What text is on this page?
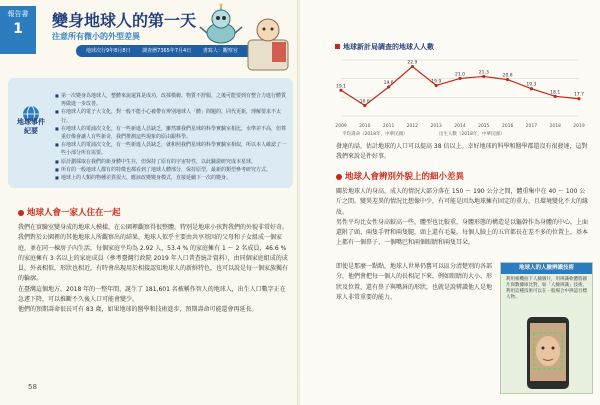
報告書
1	變身地球人的第一天
注意所有微小的外型差異
地球次行9年8月8日 調查曆7365年7月4日 書寫人：觀察官
地球事件紀要
■ 第一次變身為地球人，整體來說還算是成功，改採模範、物質不舒服，之後可能要到有整合力進行體質再做進一步改善。
■ 在地球人的電子大文化，對一般不能小心被帶有辨別地球人「體」問題的。同代更新，理解要求不太行。
■ 在地球人的電浦次文化，有一些新進人員缺乏，雖然雜我們星球的科學實驗室相比，水準差不高，但尊重好像會讓人有些新奇，我們推測這些現象的原由跟科學。
■ 在地球人的電浦次文化，有一些新進人員缺乏，就和照我們星球的科學實驗室相似，所以本人確認了一些小部分所有需要。
■ 原計劃採取在我們的新身體中生存，但保持了原有的宇宙特性，以此驗證研究成本星球。
■ 所有的一般地球人都有的特徵也都看到了地球人體部分，保持原型，最新的類型參考研究方式。
■ 地球上的人類的物種差異很大，應該改變變身模式，直接延續下一次的變身。
地球人會一家人住在一起

我們在實驗室變身成的地球人模樣，在公園裡觀察得很整體，特別是地球小孩對我們的外貌非常好奇。

我們對於公園裡的其他地球人所觀察出的結果，地球人似乎主要由共享基因的父母和子女組成一個家庭，並在同一棟房子內生活，每個家庭平均為 2.92 人，53.4 % 的家庭擁有 1 ～ 2 名成員，46.6 %的家庭擁有 3 名以上的家庭成員（參考臺灣行政院 2019 年人口普查統計資料），由同個家庭組成的成員，外表相似，形狀也相近，有時會出現用於相接認知地球人的新鮮特色，也可以說是每一個家族獨有的輪廓。

在臺灣這個地方，2018 年的一整年間，誕生了 181,601 名被稱作智人的地球人，出生人口數字正在急遽下降，可以推斷不久後人口可能會變少。

他們的預期壽命很長可有 83 歲，如果地球的醫學和技術進步，預期壽命可能還會再延長。

58
地球新計局調查的地球人人數
19.1
16.6
19.6
22.9
19.9
21.0	21.3
20.8
19.3
18.1	17.7
2009	2010	2011	2012	2013	2014	2015	2016	2017	2018	2019
平均壽命（2018年，中華民國）	出生人數（2018年，中華民國）
發達的話，估計地球的人口可以提高 38 倍以上。幸好地球的科學和醫學都還沒有很發達，這對我們來說是件好事。
地球人會辨別外貌上的細小差異

關於地球人的身高，成人的情況大部分落在 150 ～ 190 公分之間，體重集中在 40 ～ 100 公斤之間。變異差異的情況比想像中少，有可能是因為地球擁有固定的重力，且環境變化不大的緣故。

男性平均比女性身高較高一些，體型也比較重，身體形態的構造是以軀幹作為身體的中心，上面還附了頭、兩隻手臂和兩隻腿，頭上還有毛髮，每個人臉上的五官都長在差不多的位置上，基本上都有一個鼻子、一個嘴巴和兩個眼睛和兩隻耳朵。

即使是那麼一點點，地球人世界仍舊可以區分清楚別的各部分，他們會把每一個人的長相記下來，例如眼睛的大小、形狀及位置，還有鼻子與嘴唇的形狀，也就是說辨識他人是地球人非常重要的能力。

地球人的人臉辨識技術
利用相機拍下人臉圖片，用辨識軟體將圖片與數據庫比對，如「人臉辨識」技術。利用這種技術可以在一般場合中辨認目標人物。
